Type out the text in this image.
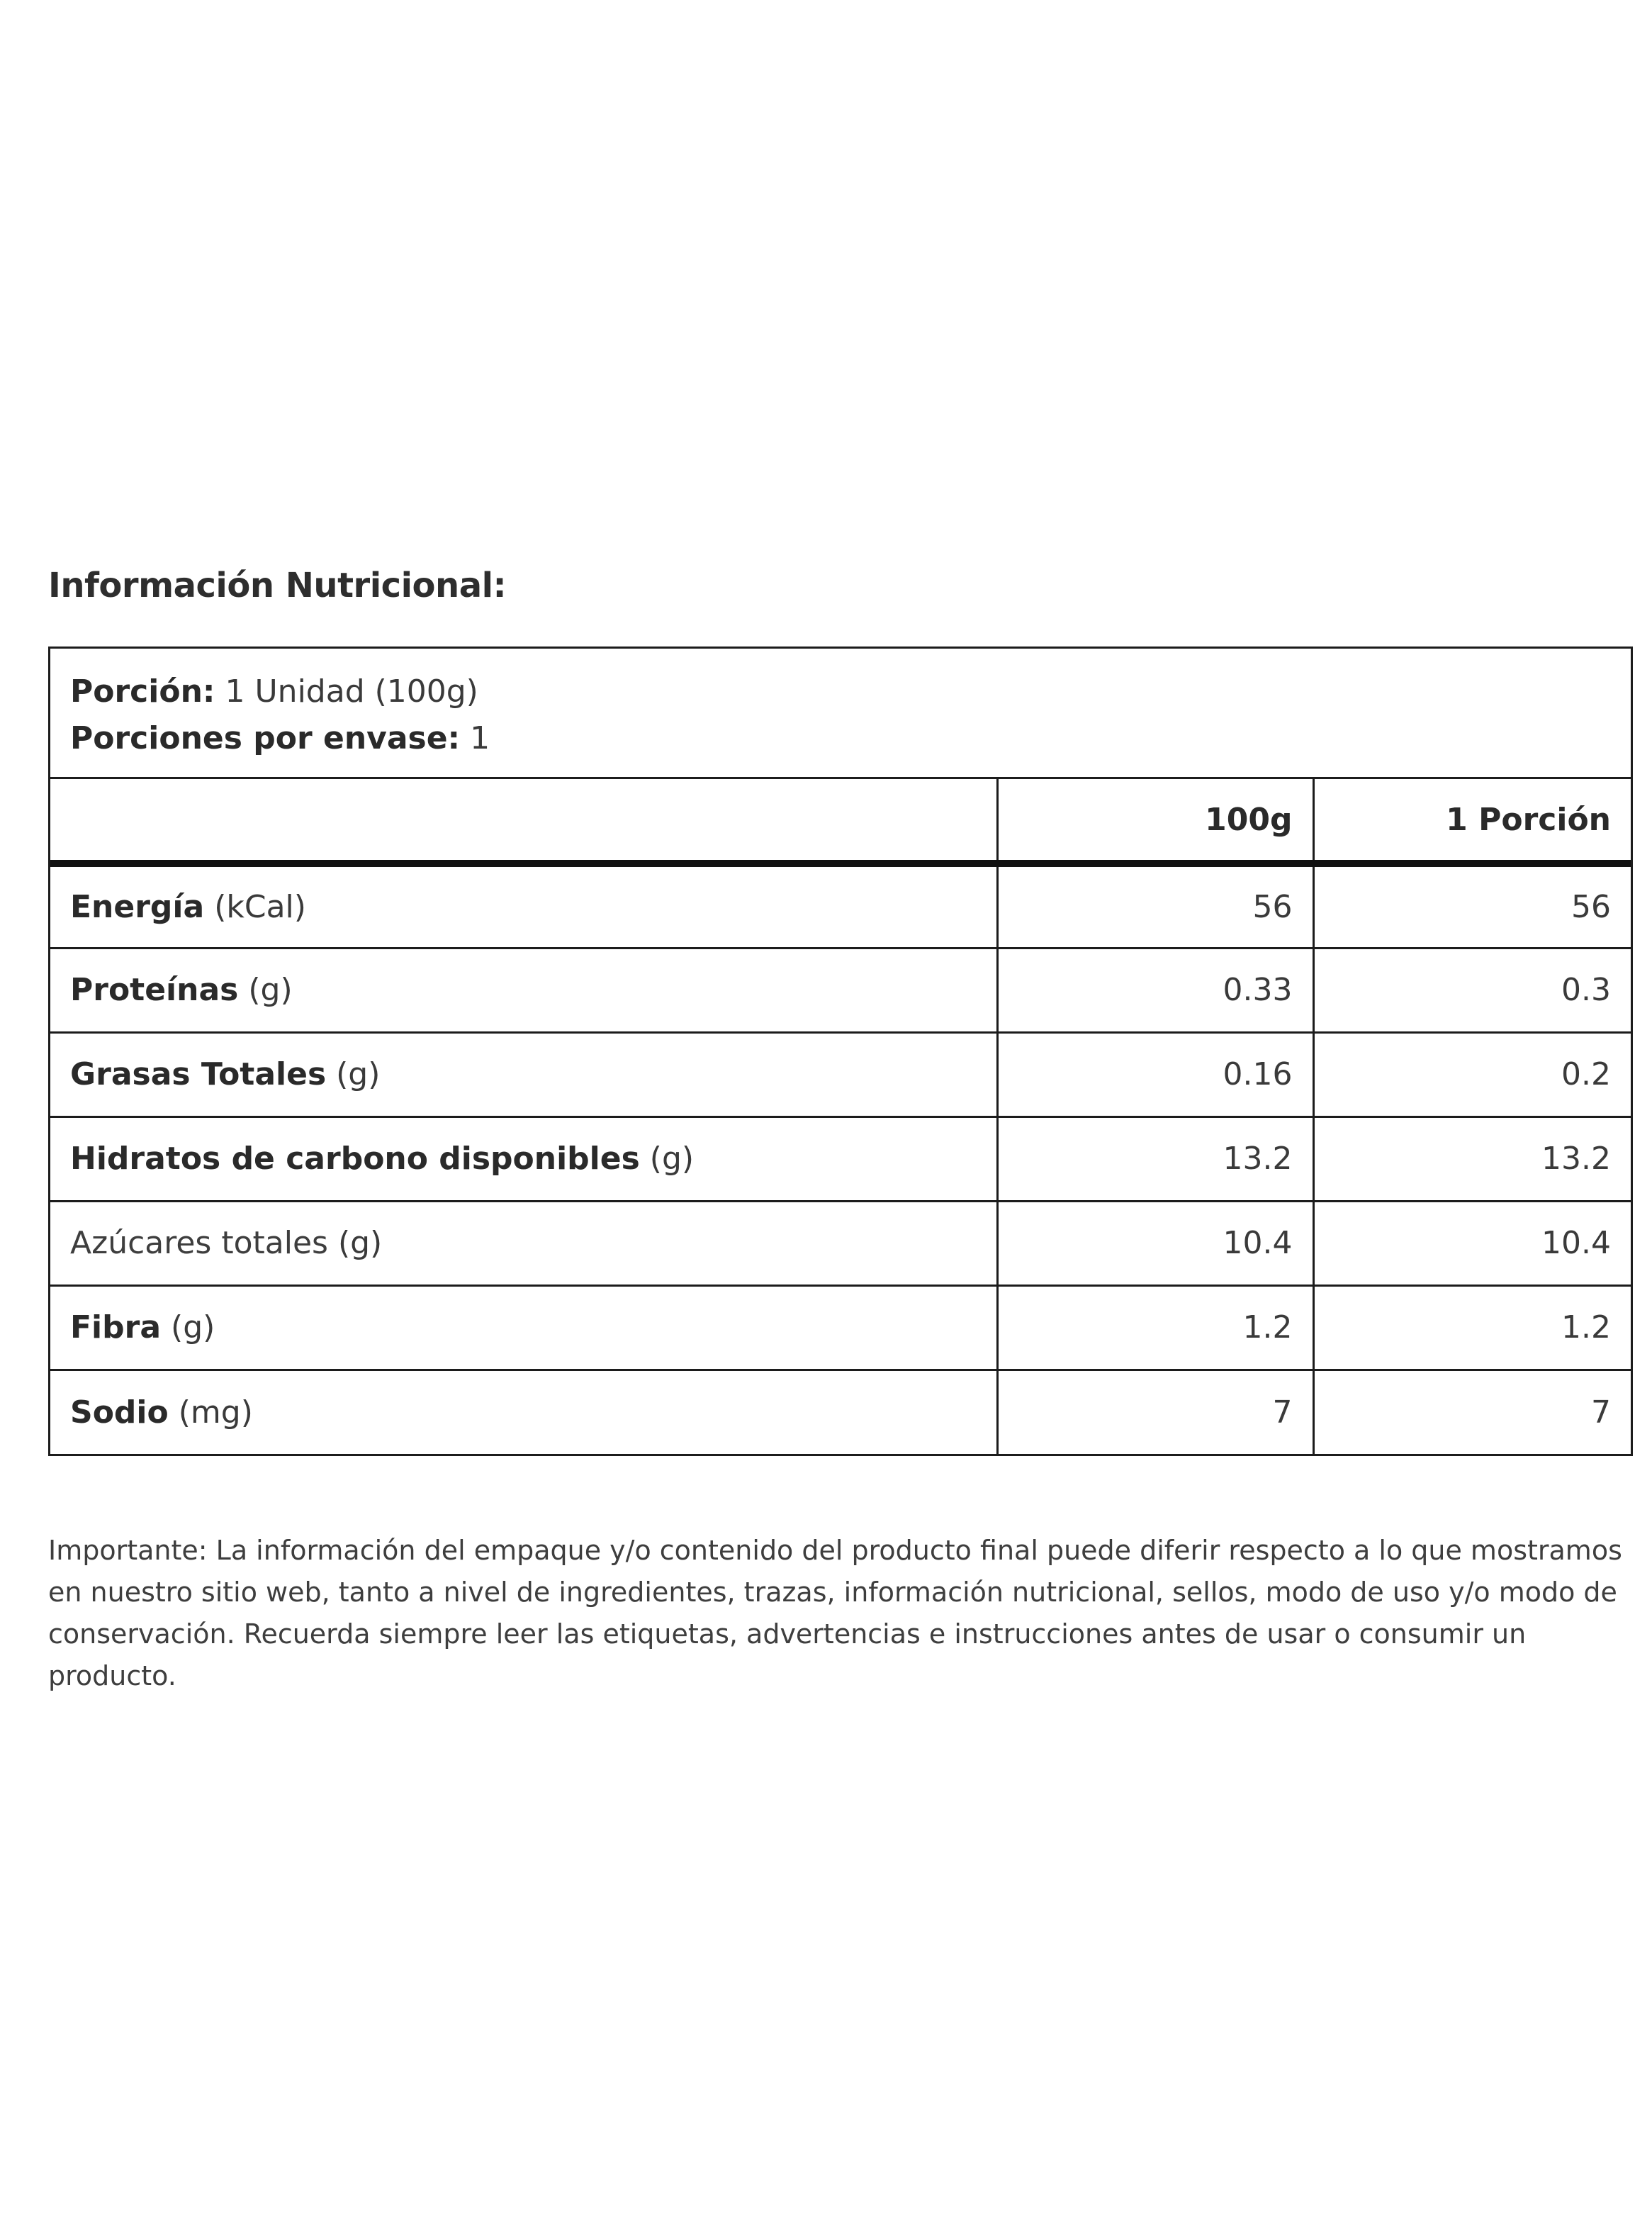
Información Nutricional:
Porción: 1 Unidad (100g)
Porciones por envase: 1
	100g	1 Porción
Energía (kCal)	56	56
Proteínas (g)	0.33	0.3
Grasas Totales (g)	0.16	0.2
Hidratos de carbono disponibles (g)	13.2	13.2
Azúcares totales (g)	10.4	10.4
Fibra (g)	1.2	1.2
Sodio (mg)	7	7
Importante: La información del empaque y/o contenido del producto final puede diferir respecto a lo que mostramos en nuestro sitio web, tanto a nivel de ingredientes, trazas, información nutricional, sellos, modo de uso y/o modo de conservación. Recuerda siempre leer las etiquetas, advertencias e instrucciones antes de usar o consumir un producto.
